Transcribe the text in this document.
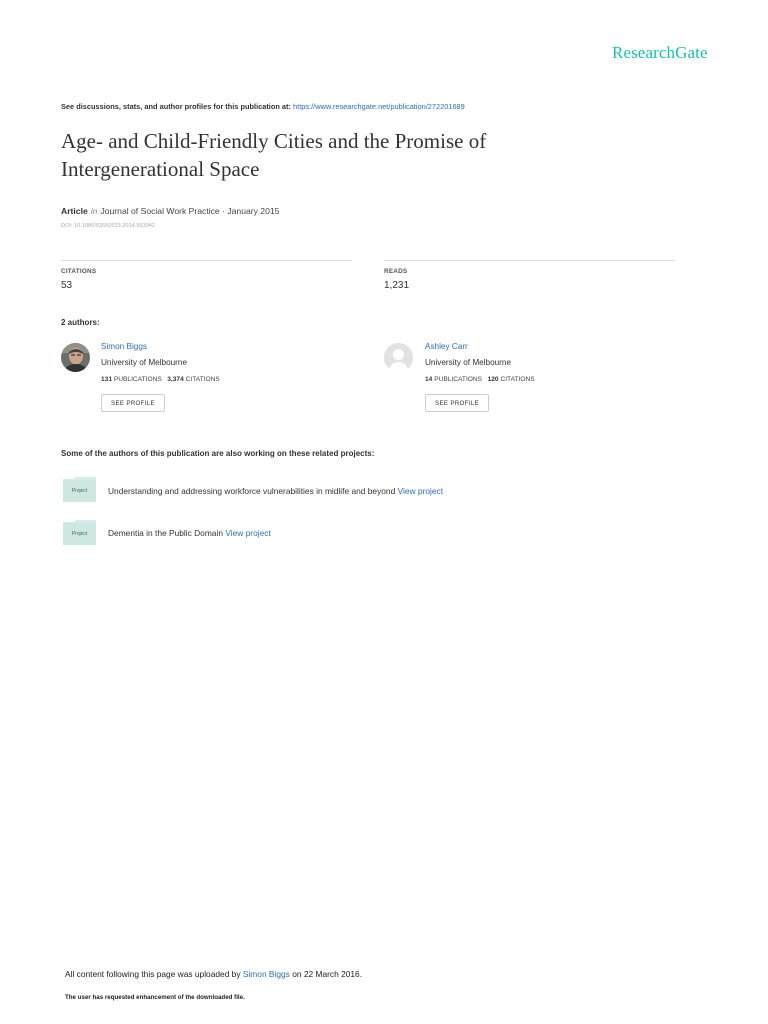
ResearchGate
See discussions, stats, and author profiles for this publication at: https://www.researchgate.net/publication/272201689
Age- and Child-Friendly Cities and the Promise of
Intergenerational Space
Article in Journal of Social Work Practice · January 2015
DOI: 10.1080/02650533.2014.993942
CITATIONS
53
READS
1,231
2 authors:
Simon Biggs
University of Melbourne
131 PUBLICATIONS 3,374 CITATIONS
SEE PROFILE
Ashley Carr
University of Melbourne
14 PUBLICATIONS 120 CITATIONS
SEE PROFILE
Some of the authors of this publication are also working on these related projects:
Project	Understanding and addressing workforce vulnerabilities in midlife and beyond View project
Project	Dementia in the Public Domain View project
All content following this page was uploaded by Simon Biggs on 22 March 2016.
The user has requested enhancement of the downloaded file.
